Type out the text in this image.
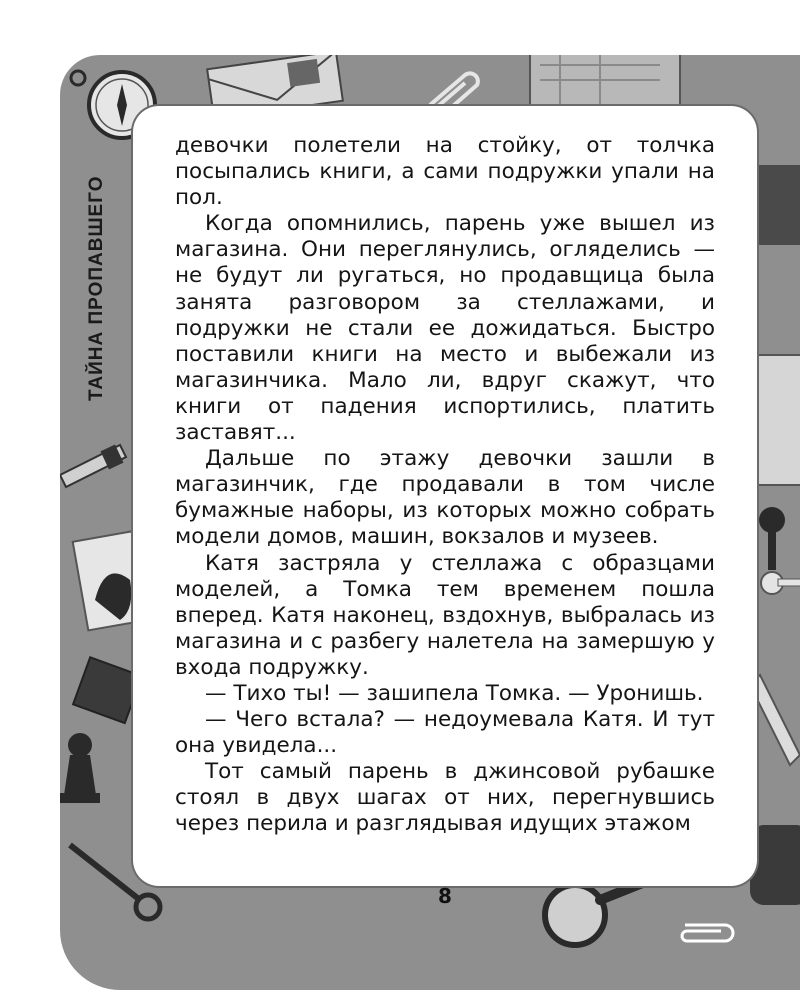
ТАЙНА ПРОПАВШЕГО

девочки полетели на стойку, от толчка посыпались книги, а сами подружки упали на пол.

Когда опомнились, парень уже вышел из магазина. Они переглянулись, огляделись — не будут ли ругаться, но продавщица была занята разговором за стеллажами, и подружки не стали ее дожидаться. Быстро поставили книги на место и выбежали из магазинчика. Мало ли, вдруг скажут, что книги от падения испортились, платить заставят...

Дальше по этажу девочки зашли в магазинчик, где продавали в том числе бумажные наборы, из которых можно собрать модели домов, машин, вокзалов и музеев.

Катя застряла у стеллажа с образцами моделей, а Томка тем временем пошла вперед. Катя наконец, вздохнув, выбралась из магазина и с разбегу налетела на замершую у входа подружку.

— Тихо ты! — зашипела Томка. — Уронишь.

— Чего встала? — недоумевала Катя. И тут она увидела...

Тот самый парень в джинсовой рубашке стоял в двух шагах от них, перегнувшись через перила и разглядывая идущих этажом

8
